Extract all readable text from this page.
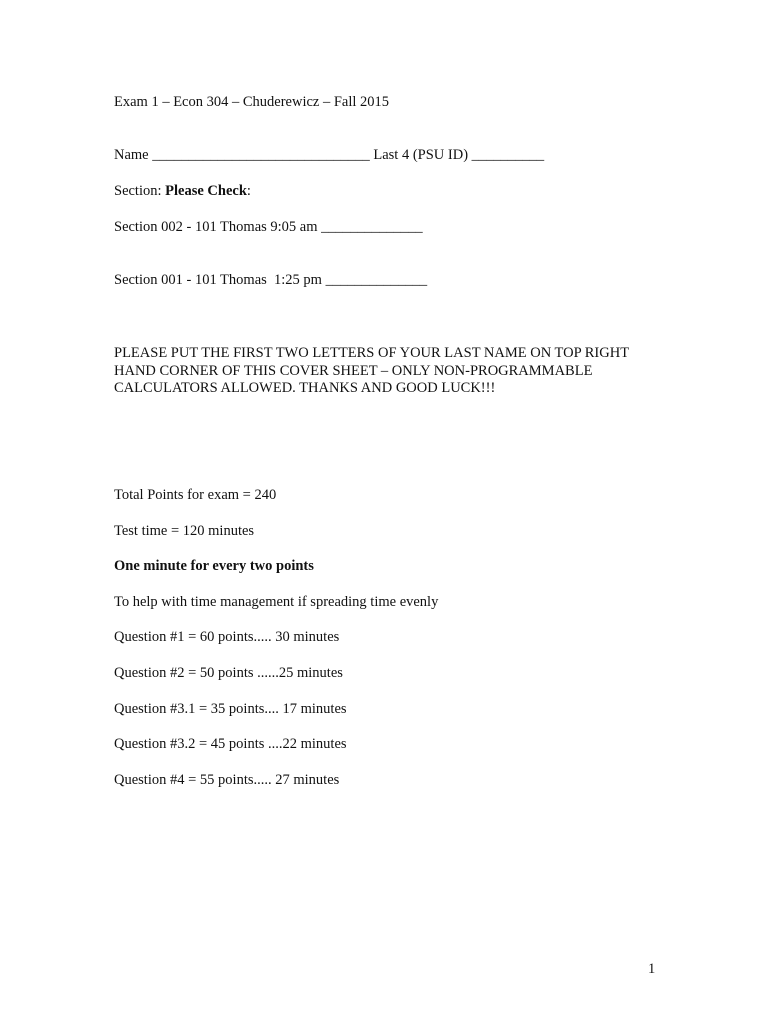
Exam 1 – Econ 304 – Chuderewicz – Fall 2015
Name ______________________________ Last 4 (PSU ID) __________
Section: Please Check:
Section 002 - 101 Thomas 9:05 am ______________
Section 001 - 101 Thomas  1:25 pm ______________
PLEASE PUT THE FIRST TWO LETTERS OF YOUR LAST NAME ON TOP RIGHT
HAND CORNER OF THIS COVER SHEET – ONLY NON-PROGRAMMABLE
CALCULATORS ALLOWED. THANKS AND GOOD LUCK!!!
Total Points for exam = 240
Test time = 120 minutes
One minute for every two points
To help with time management if spreading time evenly
Question #1 = 60 points..... 30 minutes
Question #2 = 50 points ......25 minutes
Question #3.1 = 35 points.... 17 minutes
Question #3.2 = 45 points ....22 minutes
Question #4 = 55 points..... 27 minutes
1
